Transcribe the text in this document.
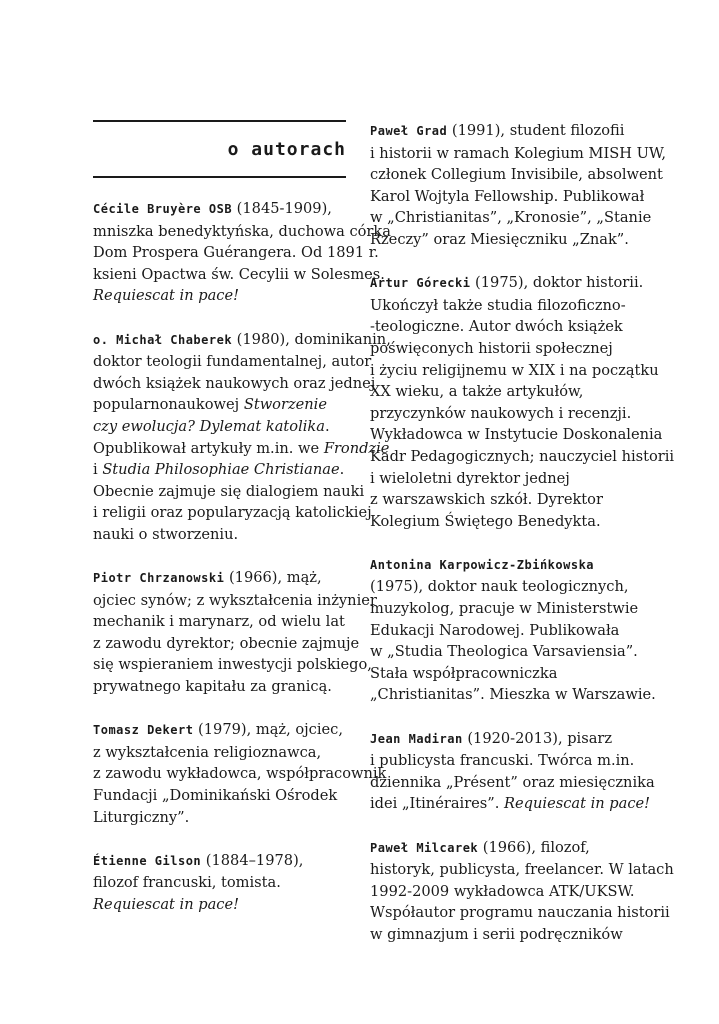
o autorach

Cécile Bruyère OSB (1845-1909),
mniszka benedyktyńska, duchowa córka
Dom Prospera Guérangera. Od 1891 r.
ksieni Opactwa św. Cecylii w Solesmes.
Requiescat in pace!

o. Michał Chaberek (1980), dominikanin,
doktor teologii fundamentalnej, autor
dwóch książek naukowych oraz jednej
popularnonaukowej Stworzenie
czy ewolucja? Dylemat katolika.
Opublikował artykuły m.in. we Frondzie
i Studia Philosophiae Christianae.
Obecnie zajmuje się dialogiem nauki
i religii oraz popularyzacją katolickiej
nauki o stworzeniu.

Piotr Chrzanowski (1966), mąż,
ojciec synów; z wykształcenia inżynier
mechanik i marynarz, od wielu lat
z zawodu dyrektor; obecnie zajmuje
się wspieraniem inwestycji polskiego,
prywatnego kapitału za granicą.

Tomasz Dekert (1979), mąż, ojciec,
z wykształcenia religioznawca,
z zawodu wykładowca, współpracownik
Fundacji „Dominikański Ośrodek
Liturgiczny”.

Étienne Gilson (1884–1978),
filozof francuski, tomista.
Requiescat in pace!

Paweł Grad (1991), student filozofii
i historii w ramach Kolegium MISH UW,
członek Collegium Invisibile, absolwent
Karol Wojtyla Fellowship. Publikował
w „Christianitas”, „Kronosie”, „Stanie
Rzeczy” oraz Miesięczniku „Znak”.

Artur Górecki (1975), doktor historii.
Ukończył także studia filozoficzno-
-teologiczne. Autor dwóch książek
poświęconych historii społecznej
i życiu religijnemu w XIX i na początku
XX wieku, a także artykułów,
przyczynków naukowych i recenzji.
Wykładowca w Instytucie Doskonalenia
Kadr Pedagogicznych; nauczyciel historii
i wieloletni dyrektor jednej
z warszawskich szkół. Dyrektor
Kolegium Świętego Benedykta.

Antonina Karpowicz-Zbińkowska
(1975), doktor nauk teologicznych,
muzykolog, pracuje w Ministerstwie
Edukacji Narodowej. Publikowała
w „Studia Theologica Varsaviensia”.
Stała współpracowniczka
„Christianitas”. Mieszka w Warszawie.

Jean Madiran (1920-2013), pisarz
i publicysta francuski. Twórca m.in.
dziennika „Présent” oraz miesięcznika
idei „Itinéraires”. Requiescat in pace!

Paweł Milcarek (1966), filozof,
historyk, publicysta, freelancer. W latach
1992-2009 wykładowca ATK/UKSW.
Współautor programu nauczania historii
w gimnazjum i serii podręczników
